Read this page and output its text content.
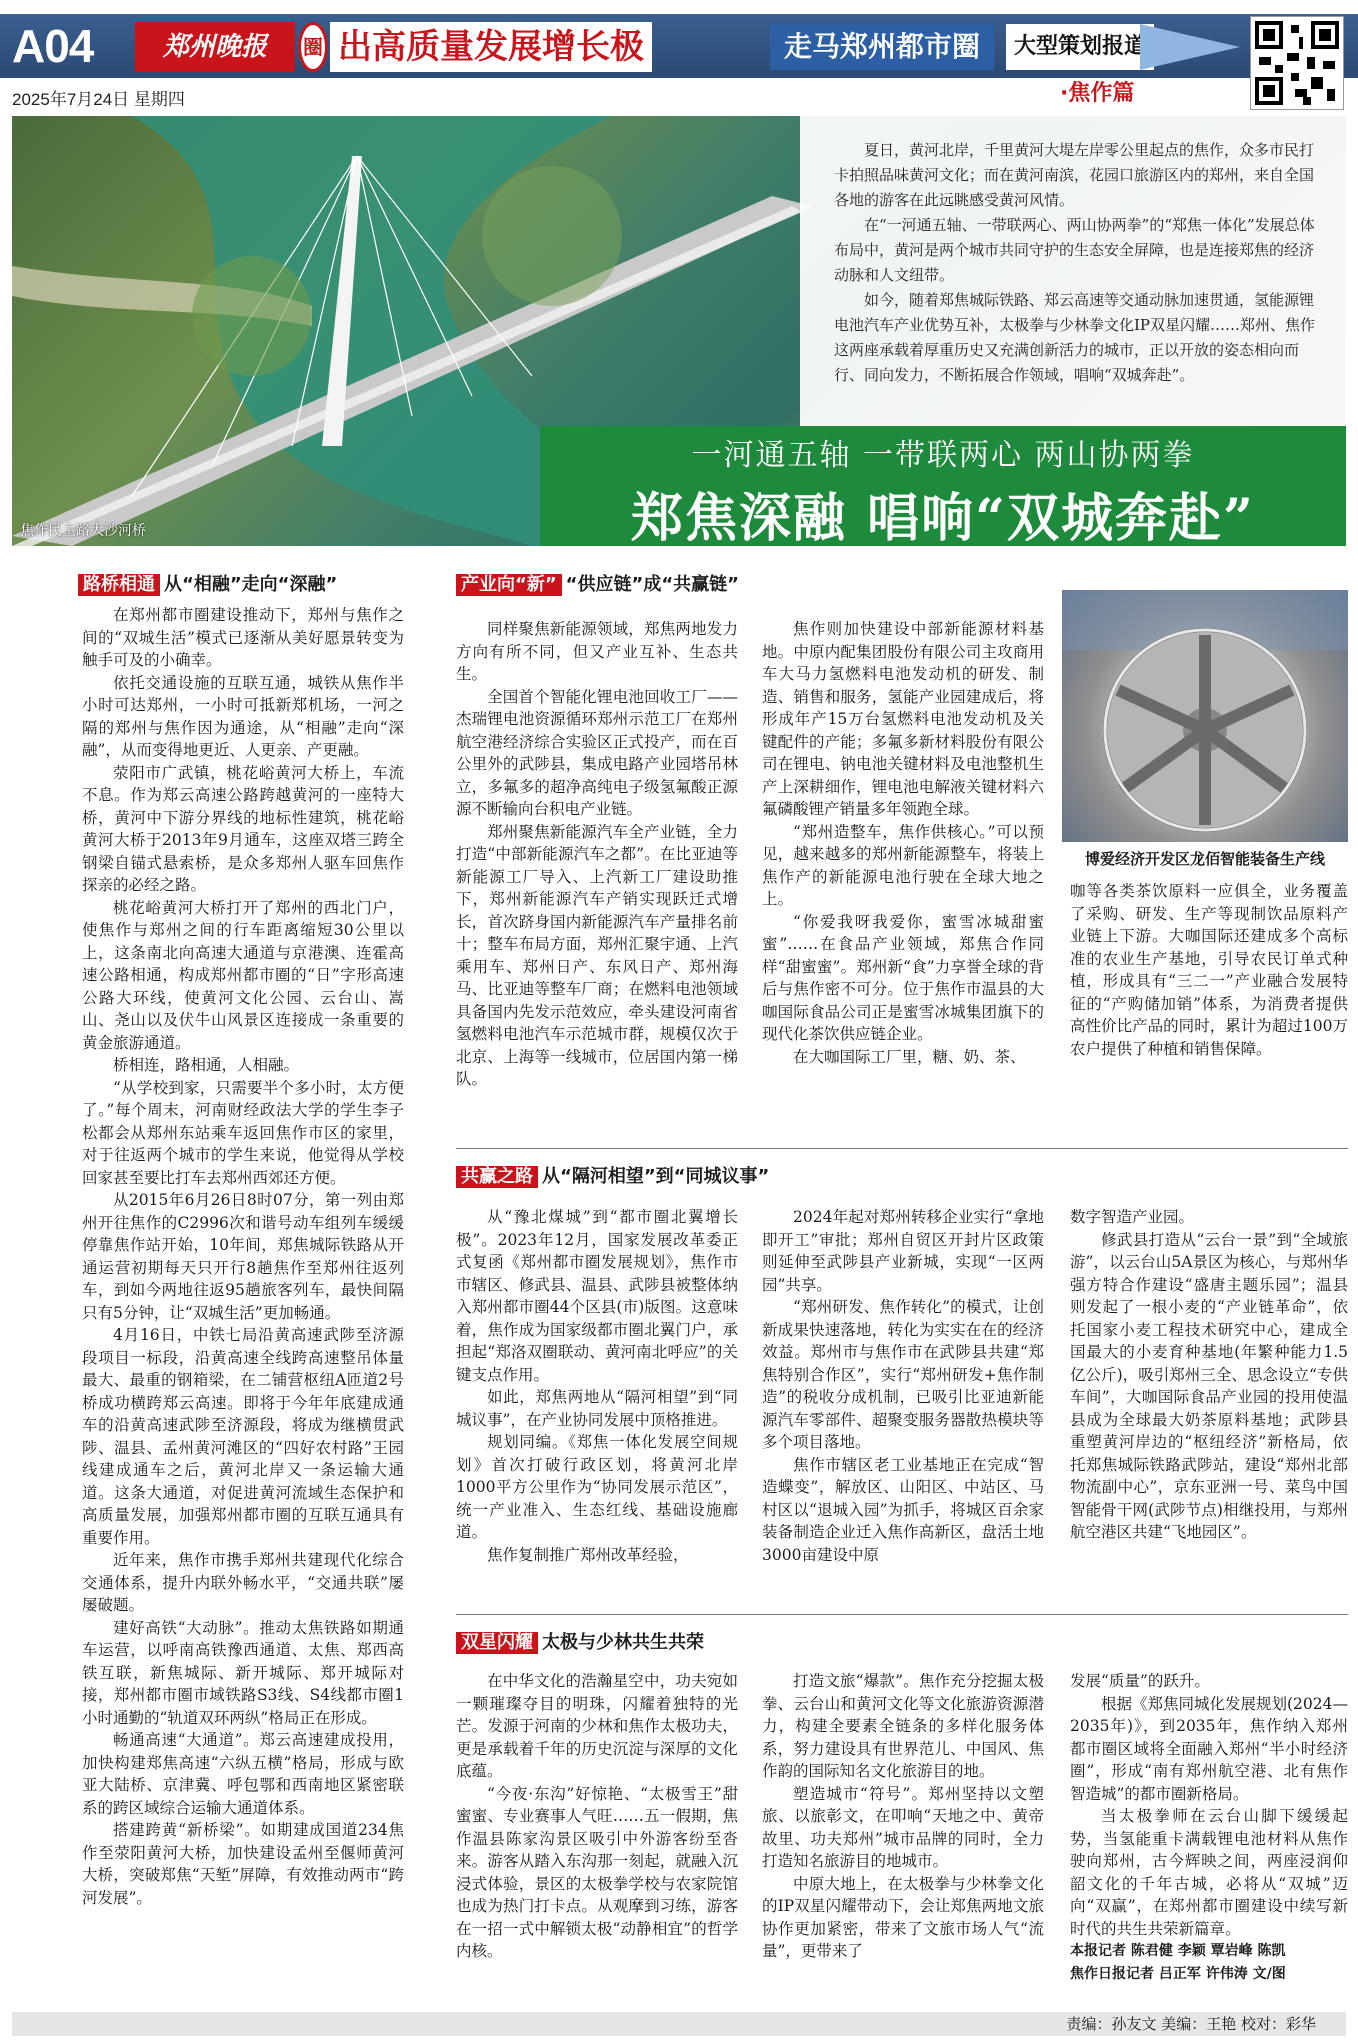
A04	郑州晚报	圈 出高质量发展增长极	走马郑州都市圈	大型策划报道
·焦作篇
2025年7月24日 星期四

夏日，黄河北岸，千里黄河大堤左岸零公里起点的焦作，众多市民打卡拍照品味黄河文化；而在黄河南滨，花园口旅游区内的郑州，来自全国各地的游客在此远眺感受黄河风情。

在“一河通五轴、一带联两心、两山协两拳”的“郑焦一体化”发展总体布局中，黄河是两个城市共同守护的生态安全屏障，也是连接郑焦的经济动脉和人文纽带。

如今，随着郑焦城际铁路、郑云高速等交通动脉加速贯通，氢能源锂电池汽车产业优势互补，太极拳与少林拳文化IP双星闪耀……郑州、焦作这两座承载着厚重历史又充满创新活力的城市，正以开放的姿态相向而行、同向发力，不断拓展合作领域，唱响“双城奔赴”。

一河通五轴 一带联两心 两山协两拳
郑焦深融 唱响“双城奔赴”
焦作民主路大沙河桥
路桥相通 从“相融”走向“深融”

在郑州都市圈建设推动下，郑州与焦作之间的“双城生活”模式已逐渐从美好愿景转变为触手可及的小确幸。

依托交通设施的互联互通，城铁从焦作半小时可达郑州，一小时可抵新郑机场，一河之隔的郑州与焦作因为通途，从“相融”走向“深融”，从而变得地更近、人更亲、产更融。

荥阳市广武镇，桃花峪黄河大桥上，车流不息。作为郑云高速公路跨越黄河的一座特大桥，黄河中下游分界线的地标性建筑，桃花峪黄河大桥于2013年9月通车，这座双塔三跨全钢梁自锚式悬索桥，是众多郑州人驱车回焦作探亲的必经之路。

桃花峪黄河大桥打开了郑州的西北门户，使焦作与郑州之间的行车距离缩短30公里以上，这条南北向高速大通道与京港澳、连霍高速公路相通，构成郑州都市圈的“日”字形高速公路大环线，使黄河文化公园、云台山、嵩山、尧山以及伏牛山风景区连接成一条重要的黄金旅游通道。

桥相连，路相通，人相融。

“从学校到家，只需要半个多小时，太方便了。”每个周末，河南财经政法大学的学生李子松都会从郑州东站乘车返回焦作市区的家里，对于往返两个城市的学生来说，他觉得从学校回家甚至要比打车去郑州西郊还方便。

从2015年6月26日8时07分，第一列由郑州开往焦作的C2996次和谐号动车组列车缓缓停靠焦作站开始，10年间，郑焦城际铁路从开通运营初期每天只开行8趟焦作至郑州往返列车，到如今两地往返95趟旅客列车，最快间隔只有5分钟，让“双城生活”更加畅通。

4月16日，中铁七局沿黄高速武陟至济源段项目一标段，沿黄高速全线跨高速整吊体量最大、最重的钢箱梁，在二铺营枢纽A匝道2号桥成功横跨郑云高速。即将于今年年底建成通车的沿黄高速武陟至济源段，将成为继横贯武陟、温县、孟州黄河滩区的“四好农村路”王园线建成通车之后，黄河北岸又一条运输大通道。这条大通道，对促进黄河流域生态保护和高质量发展，加强郑州都市圈的互联互通具有重要作用。

近年来，焦作市携手郑州共建现代化综合交通体系，提升内联外畅水平，“交通共联”屡屡破题。

建好高铁“大动脉”。推动太焦铁路如期通车运营，以呼南高铁豫西通道、太焦、郑西高铁互联，新焦城际、新开城际、郑开城际对接，郑州都市圈市域铁路S3线、S4线都市圈1小时通勤的“轨道双环两纵”格局正在形成。

畅通高速“大通道”。郑云高速建成投用，加快构建郑焦高速“六纵五横”格局，形成与欧亚大陆桥、京津冀、呼包鄂和西南地区紧密联系的跨区域综合运输大通道体系。

搭建跨黄“新桥梁”。如期建成国道234焦作至荥阳黄河大桥，加快建设孟州至偃师黄河大桥，突破郑焦“天堑”屏障，有效推动两市“跨河发展”。

产业向“新” “供应链”成“共赢链”

同样聚焦新能源领域，郑焦两地发力方向有所不同，但又产业互补、生态共生。

全国首个智能化锂电池回收工厂——杰瑞锂电池资源循环郑州示范工厂在郑州航空港经济综合实验区正式投产，而在百公里外的武陟县，集成电路产业园塔吊林立，多氟多的超净高纯电子级氢氟酸正源源不断输向台积电产业链。

郑州聚焦新能源汽车全产业链，全力打造“中部新能源汽车之都”。在比亚迪等新能源工厂导入、上汽新工厂建设助推下，郑州新能源汽车产销实现跃迁式增长，首次跻身国内新能源汽车产量排名前十；整车布局方面，郑州汇聚宇通、上汽乘用车、郑州日产、东风日产、郑州海马、比亚迪等整车厂商；在燃料电池领域具备国内先发示范效应，牵头建设河南省氢燃料电池汽车示范城市群，规模仅次于北京、上海等一线城市，位居国内第一梯队。

焦作则加快建设中部新能源材料基地。中原内配集团股份有限公司主攻商用车大马力氢燃料电池发动机的研发、制造、销售和服务，氢能产业园建成后，将形成年产15万台氢燃料电池发动机及关键配件的产能；多氟多新材料股份有限公司在锂电、钠电池关键材料及电池整机生产上深耕细作，锂电池电解液关键材料六氟磷酸锂产销量多年领跑全球。

“郑州造整车，焦作供核心。”可以预见，越来越多的郑州新能源整车，将装上焦作产的新能源电池行驶在全球大地之上。

“你爱我呀我爱你，蜜雪冰城甜蜜蜜”……在食品产业领域，郑焦合作同样“甜蜜蜜”。郑州新“食”力享誉全球的背后与焦作密不可分。位于焦作市温县的大咖国际食品公司正是蜜雪冰城集团旗下的现代化茶饮供应链企业。

在大咖国际工厂里，糖、奶、茶、

博爱经济开发区龙佰智能装备生产线

咖等各类茶饮原料一应俱全，业务覆盖了采购、研发、生产等现制饮品原料产业链上下游。大咖国际还建成多个高标准的农业生产基地，引导农民订单式种植，形成具有“三二一”产业融合发展特征的“产购储加销”体系，为消费者提供高性价比产品的同时，累计为超过100万农户提供了种植和销售保障。

共赢之路 从“隔河相望”到“同城议事”

从“豫北煤城”到“都市圈北翼增长极”。2023年12月，国家发展改革委正式复函《郑州都市圈发展规划》，焦作市市辖区、修武县、温县、武陟县被整体纳入郑州都市圈44个区县(市)版图。这意味着，焦作成为国家级都市圈北翼门户，承担起“郑洛双圈联动、黄河南北呼应”的关键支点作用。

如此，郑焦两地从“隔河相望”到“同城议事”，在产业协同发展中顶格推进。

规划同编。《郑焦一体化发展空间规划》首次打破行政区划，将黄河北岸1000平方公里作为“协同发展示范区”，统一产业准入、生态红线、基础设施廊道。

焦作复制推广郑州改革经验，

2024年起对郑州转移企业实行“拿地即开工”审批；郑州自贸区开封片区政策则延伸至武陟县产业新城，实现“一区两园”共享。

“郑州研发、焦作转化”的模式，让创新成果快速落地，转化为实实在在的经济效益。郑州市与焦作市在武陟县共建“郑焦特别合作区”，实行“郑州研发+焦作制造”的税收分成机制，已吸引比亚迪新能源汽车零部件、超聚变服务器散热模块等多个项目落地。

焦作市辖区老工业基地正在完成“智造蝶变”，解放区、山阳区、中站区、马村区以“退城入园”为抓手，将城区百余家装备制造企业迁入焦作高新区，盘活土地3000亩建设中原

数字智造产业园。

修武县打造从“云台一景”到“全域旅游”，以云台山5A景区为核心，与郑州华强方特合作建设“盛唐主题乐园”；温县则发起了一根小麦的“产业链革命”，依托国家小麦工程技术研究中心，建成全国最大的小麦育种基地(年繁种能力1.5亿公斤)，吸引郑州三全、思念设立“专供车间”，大咖国际食品产业园的投用使温县成为全球最大奶茶原料基地；武陟县重塑黄河岸边的“枢纽经济”新格局，依托郑焦城际铁路武陟站，建设“郑州北部物流副中心”，京东亚洲一号、菜鸟中国智能骨干网(武陟节点)相继投用，与郑州航空港区共建“飞地园区”。

双星闪耀 太极与少林共生共荣

在中华文化的浩瀚星空中，功夫宛如一颗璀璨夺目的明珠，闪耀着独特的光芒。发源于河南的少林和焦作太极功夫，更是承载着千年的历史沉淀与深厚的文化底蕴。

“今夜·东沟”好惊艳、“太极雪王”甜蜜蜜、专业赛事人气旺……五一假期，焦作温县陈家沟景区吸引中外游客纷至沓来。游客从踏入东沟那一刻起，就融入沉浸式体验，景区的太极拳学校与农家院馆也成为热门打卡点。从观摩到习练，游客在一招一式中解锁太极“动静相宜”的哲学内核。

打造文旅“爆款”。焦作充分挖掘太极拳、云台山和黄河文化等文化旅游资源潜力，构建全要素全链条的多样化服务体系，努力建设具有世界范儿、中国风、焦作韵的国际知名文化旅游目的地。

塑造城市“符号”。郑州坚持以文塑旅、以旅彰文，在叩响“天地之中、黄帝故里、功夫郑州”城市品牌的同时，全力打造知名旅游目的地城市。

中原大地上，在太极拳与少林拳文化的IP双星闪耀带动下，会让郑焦两地文旅协作更加紧密，带来了文旅市场人气“流量”，更带来了

发展“质量”的跃升。

根据《郑焦同城化发展规划(2024—2035年)》，到2035年，焦作纳入郑州都市圈区域将全面融入郑州“半小时经济圈”，形成“南有郑州航空港、北有焦作智造城”的都市圈新格局。

当太极拳师在云台山脚下缓缓起势，当氢能重卡满载锂电池材料从焦作驶向郑州，古今辉映之间，两座浸润仰韶文化的千年古城，必将从“双城”迈向“双赢”，在郑州都市圈建设中续写新时代的共生共荣新篇章。

本报记者 陈君健 李颖 覃岩峰 陈凯

焦作日报记者 吕正军 许伟涛 文/图

责编：孙友文 美编：王艳 校对：彩华
